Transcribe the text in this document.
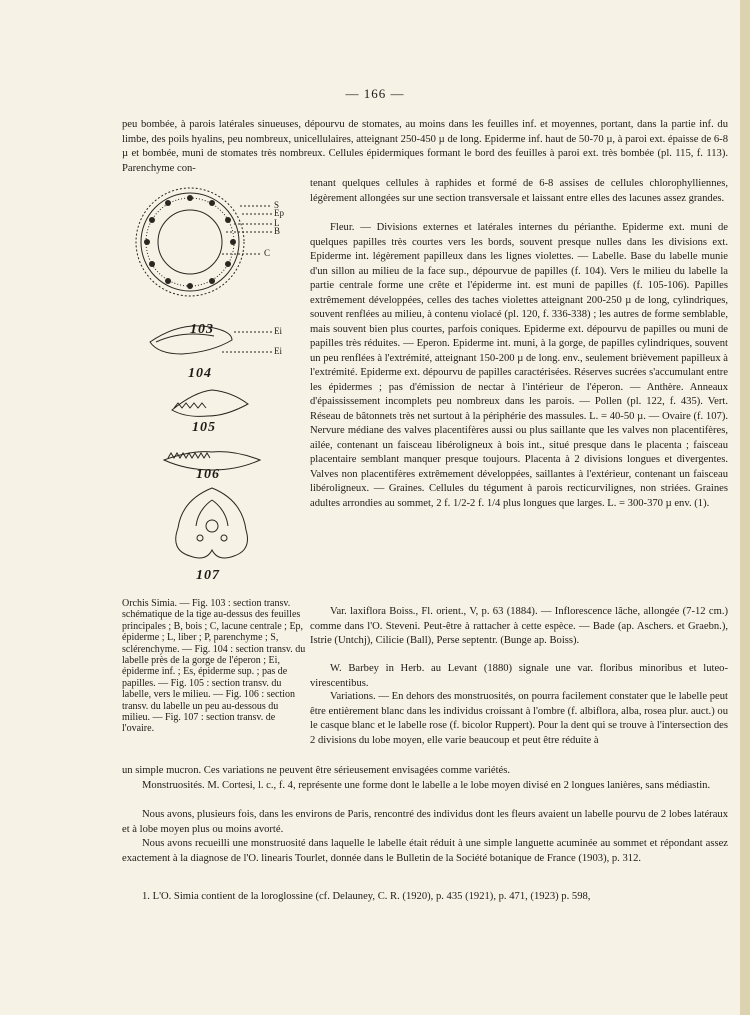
— 166 —

peu bombée, à parois latérales sinueuses, dépourvu de stomates, au moins dans les feuilles inf. et moyennes, portant, dans la partie inf. du limbe, des poils hyalins, peu nombreux, unicellulaires, atteignant 250-450 µ de long. Epiderme inf. haut de 50-70 µ, à paroi ext. épaisse de 6-8 µ et bombée, muni de stomates très nombreux. Cellules épidermiques formant le bord des feuilles à paroi ext. très bombée (pl. 115, f. 113). Parenchyme con-

tenant quelques cellules à raphides et formé de 6-8 assises de cellules chlorophylliennes, légèrement allongées sur une section transversale et laissant entre elles des lacunes assez grandes.

Fleur. — Divisions externes et latérales internes du périanthe. Epiderme ext. muni de quelques papilles très courtes vers les bords, souvent presque nulles dans les divisions ext. Epiderme int. légèrement papilleux dans les lignes violettes. — Labelle. Base du labelle munie d'un sillon au milieu de la face sup., dépourvue de papilles (f. 104). Vers le milieu du labelle la partie centrale forme une crête et l'épiderme int. est muni de papilles (f. 105-106). Papilles extrêmement développées, celles des taches violettes atteignant 200-250 µ de long, cylindriques, souvent renflées au milieu, à contenu violacé (pl. 120, f. 336-338) ; les autres de forme semblable, mais souvent bien plus courtes, parfois coniques. Epiderme ext. dépourvu de papilles ou muni de papilles très réduites. — Eperon. Epiderme int. muni, à la gorge, de papilles cylindriques, souvent un peu renflées à l'extrémité, atteignant 150-200 µ de long. env., seulement brièvement papilleux à l'extrémité. Epiderme ext. dépourvu de papilles caractérisées. Réserves sucrées s'accumulant entre les épidermes ; pas d'émission de nectar à l'intérieur de l'éperon. — Anthère. Anneaux d'épaississement incomplets peu nombreux dans les parois. — Pollen (pl. 122, f. 435). Vert. Réseau de bâtonnets très net surtout à la périphérie des massules. L. = 40-50 µ. — Ovaire (f. 107). Nervure médiane des valves placentifères aussi ou plus saillante que les valves non placentifères, ailée, contenant un faisceau libéroligneux à bois int., situé presque dans le placenta ; faisceau placentaire semblant manquer presque toujours. Placenta à 2 divisions longues et divergentes. Valves non placentifères extrêmement développées, saillantes à l'extérieur, contenant un faisceau libéroligneux. — Graines. Cellules du tégument à parois recticurvilignes, non striées. Graines adultes arrondies au sommet, 2 f. 1/2-2 f. 1/4 plus longues que larges. L. = 300-370 µ env. (1).

S
Ep
L
B
C
Ei
Ei
103
104
105
106
107

Orchis Simia. — Fig. 103 : section transv. schématique de la tige au-dessus des feuilles principales ; B, bois ; C, lacune centrale ; Ep, épiderme ; L, liber ; P, parenchyme ; S, sclérenchyme. — Fig. 104 : section transv. du labelle près de la gorge de l'éperon ; Ei, épiderme inf. ; Es, épiderme sup. ; pas de papilles. — Fig. 105 : section transv. du labelle, vers le milieu. — Fig. 106 : section transv. du labelle un peu au-dessous du milieu. — Fig. 107 : section transv. de l'ovaire.

Var. laxiflora Boiss., Fl. orient., V, p. 63 (1884). — Inflorescence lâche, allongée (7-12 cm.) comme dans l'O. Steveni. Peut-être à rattacher à cette espèce. — Bade (ap. Aschers. et Graebn.), Istrie (Untchj), Cilicie (Ball), Perse septentr. (Bunge ap. Boiss).

W. Barbey in Herb. au Levant (1880) signale une var. floribus minoribus et luteo-virescentibus.

Variations. — En dehors des monstruosités, on pourra facilement constater que le labelle peut être entièrement blanc dans les individus croissant à l'ombre (f. albiflora, alba, rosea plur. auct.) ou le casque blanc et le labelle rose (f. bicolor Ruppert). Pour la dent qui se trouve à l'intersection des 2 divisions du lobe moyen, elle varie beaucoup et peut être réduite à

un simple mucron. Ces variations ne peuvent être sérieusement envisagées comme variétés.

Monstruosités. M. Cortesi, l. c., f. 4, représente une forme dont le labelle a le lobe moyen divisé en 2 longues lanières, sans médiastin.

Nous avons, plusieurs fois, dans les environs de Paris, rencontré des individus dont les fleurs avaient un labelle pourvu de 2 lobes latéraux et à lobe moyen plus ou moins avorté.

Nous avons recueilli une monstruosité dans laquelle le labelle était réduit à une simple languette acuminée au sommet et répondant assez exactement à la diagnose de l'O. linearis Tourlet, donnée dans le Bulletin de la Société botanique de France (1903), p. 312.

1. L'O. Simia contient de la loroglossine (cf. Delauney, C. R. (1920), p. 435 (1921), p. 471, (1923) p. 598,
